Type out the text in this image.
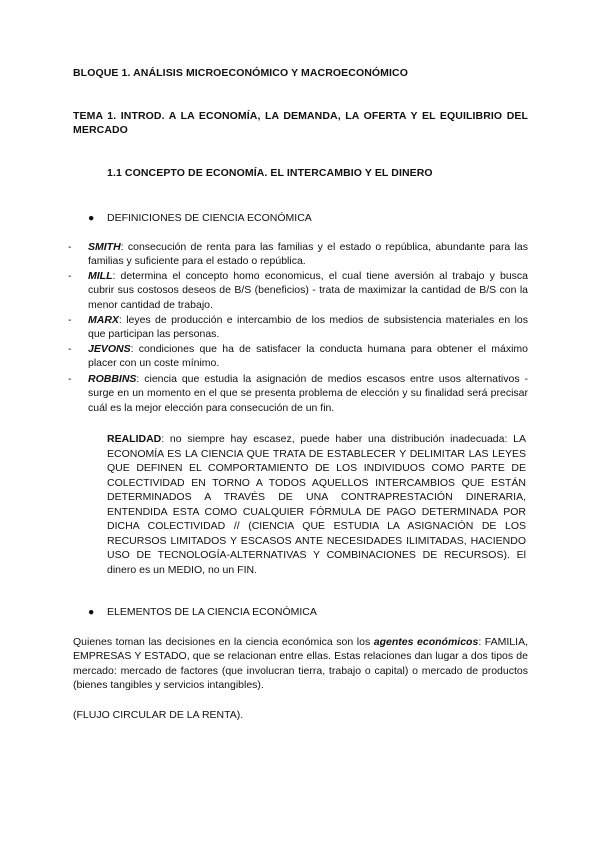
BLOQUE 1. ANÁLISIS MICROECONÓMICO Y MACROECONÓMICO
TEMA 1. INTROD. A LA ECONOMÍA, LA DEMANDA, LA OFERTA Y EL EQUILIBRIO DEL MERCADO
1.1 CONCEPTO DE ECONOMÍA. EL INTERCAMBIO Y EL DINERO
● DEFINICIONES DE CIENCIA ECONÓMICA
- SMITH: consecución de renta para las familias y el estado o república, abundante para las familias y suficiente para el estado o república.
- MILL: determina el concepto homo economicus, el cual tiene aversión al trabajo y busca cubrir sus costosos deseos de B/S (beneficios) - trata de maximizar la cantidad de B/S con la menor cantidad de trabajo.
- MARX: leyes de producción e intercambio de los medios de subsistencia materiales en los que participan las personas.
- JEVONS: condiciones que ha de satisfacer la conducta humana para obtener el máximo placer con un coste mínimo.
- ROBBINS: ciencia que estudia la asignación de medios escasos entre usos alternativos - surge en un momento en el que se presenta problema de elección y su finalidad será precisar cuál es la mejor elección para consecución de un fin.
REALIDAD: no siempre hay escasez, puede haber una distribución inadecuada: LA ECONOMÍA ES LA CIENCIA QUE TRATA DE ESTABLECER Y DELIMITAR LAS LEYES QUE DEFINEN EL COMPORTAMIENTO DE LOS INDIVIDUOS COMO PARTE DE COLECTIVIDAD EN TORNO A TODOS AQUELLOS INTERCAMBIOS QUE ESTÁN DETERMINADOS A TRAVÉS DE UNA CONTRAPRESTACIÓN DINERARIA, ENTENDIDA ESTA COMO CUALQUIER FÓRMULA DE PAGO DETERMINADA POR DICHA COLECTIVIDAD // (CIENCIA QUE ESTUDIA LA ASIGNACIÓN DE LOS RECURSOS LIMITADOS Y ESCASOS ANTE NECESIDADES ILIMITADAS, HACIENDO USO DE TECNOLOGÍA-ALTERNATIVAS Y COMBINACIONES DE RECURSOS). El dinero es un MEDIO, no un FIN.
● ELEMENTOS DE LA CIENCIA ECONÓMICA
Quienes toman las decisiones en la ciencia económica son los agentes económicos: FAMILIA, EMPRESAS Y ESTADO, que se relacionan entre ellas. Estas relaciones dan lugar a dos tipos de mercado: mercado de factores (que involucran tierra, trabajo o capital) o mercado de productos (bienes tangibles y servicios intangibles).
(FLUJO CIRCULAR DE LA RENTA).
